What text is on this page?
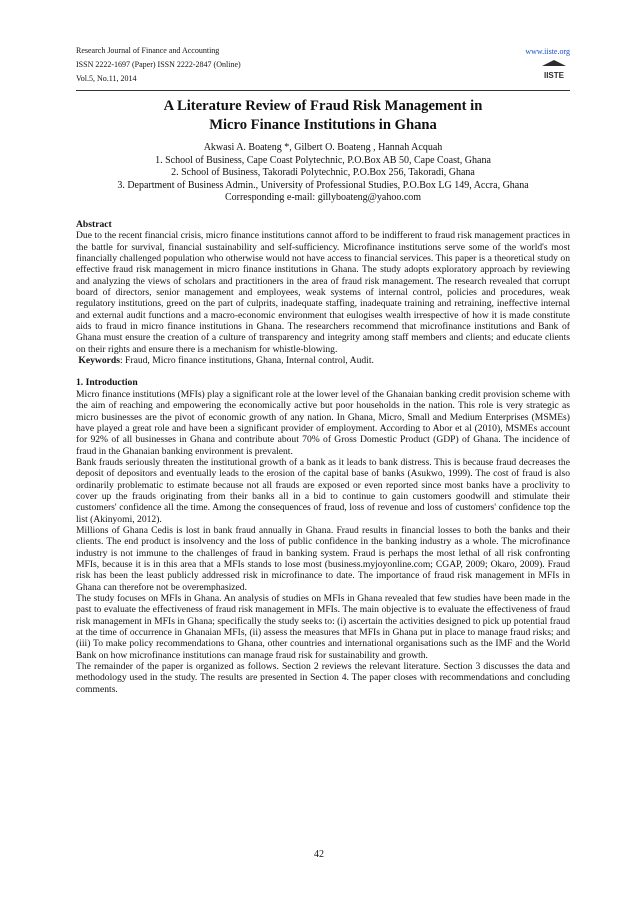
Research Journal of Finance and Accounting
ISSN 2222-1697 (Paper) ISSN 2222-2847 (Online)
Vol.5, No.11, 2014
www.iiste.org
IISTE
A Literature Review of Fraud Risk Management in
Micro Finance Institutions in Ghana
Akwasi A. Boateng *, Gilbert O. Boateng , Hannah Acquah
1. School of Business, Cape Coast Polytechnic, P.O.Box AB 50, Cape Coast, Ghana
2. School of Business, Takoradi Polytechnic, P.O.Box 256, Takoradi, Ghana
3. Department of Business Admin., University of Professional Studies, P.O.Box LG 149, Accra, Ghana
Corresponding e-mail: gillyboateng@yahoo.com
Abstract

Due to the recent financial crisis, micro finance institutions cannot afford to be indifferent to fraud risk management practices in the battle for survival, financial sustainability and self-sufficiency. Microfinance institutions serve some of the world's most financially challenged population who otherwise would not have access to financial services. This paper is a theoretical study on effective fraud risk management in micro finance institutions in Ghana. The study adopts exploratory approach by reviewing and analyzing the views of scholars and practitioners in the area of fraud risk management. The research revealed that corrupt board of directors, senior management and employees, weak systems of internal control, policies and procedures, weak regulatory institutions, greed on the part of culprits, inadequate staffing, inadequate training and retraining, ineffective internal and external audit functions and a macro-economic environment that eulogises wealth irrespective of how it is made constitute aids to fraud in micro finance institutions in Ghana. The researchers recommend that microfinance institutions and Bank of Ghana must ensure the creation of a culture of transparency and integrity among staff members and clients; and educate clients on their rights and ensure there is a mechanism for whistle-blowing.

Keywords: Fraud, Micro finance institutions, Ghana, Internal control, Audit.

1. Introduction

Micro finance institutions (MFIs) play a significant role at the lower level of the Ghanaian banking credit provision scheme with the aim of reaching and empowering the economically active but poor households in the nation. This role is very strategic as micro businesses are the pivot of economic growth of any nation. In Ghana, Micro, Small and Medium Enterprises (MSMEs) have played a great role and have been a significant provider of employment. According to Abor et al (2010), MSMEs account for 92% of all businesses in Ghana and contribute about 70% of Gross Domestic Product (GDP) of Ghana. The incidence of fraud in the Ghanaian banking environment is prevalent.

Bank frauds seriously threaten the institutional growth of a bank as it leads to bank distress. This is because fraud decreases the deposit of depositors and eventually leads to the erosion of the capital base of banks (Asukwo, 1999). The cost of fraud is also ordinarily problematic to estimate because not all frauds are exposed or even reported since most banks have a proclivity to cover up the frauds originating from their banks all in a bid to continue to gain customers goodwill and stimulate their customers' confidence all the time. Among the consequences of fraud, loss of revenue and loss of customers' confidence top the list (Akinyomi, 2012).

Millions of Ghana Cedis is lost in bank fraud annually in Ghana. Fraud results in financial losses to both the banks and their clients. The end product is insolvency and the loss of public confidence in the banking industry as a whole. The microfinance industry is not immune to the challenges of fraud in banking system. Fraud is perhaps the most lethal of all risk confronting MFIs, because it is in this area that a MFIs stands to lose most (business.myjoyonline.com; CGAP, 2009; Okaro, 2009). Fraud risk has been the least publicly addressed risk in microfinance to date. The importance of fraud risk management in MFIs in Ghana can therefore not be overemphasized.

The study focuses on MFIs in Ghana. An analysis of studies on MFIs in Ghana revealed that few studies have been made in the past to evaluate the effectiveness of fraud risk management in MFIs. The main objective is to evaluate the effectiveness of fraud risk management in MFIs in Ghana; specifically the study seeks to: (i) ascertain the activities designed to pick up potential fraud at the time of occurrence in Ghanaian MFIs, (ii) assess the measures that MFIs in Ghana put in place to manage fraud risks; and (iii) To make policy recommendations to Ghana, other countries and international organisations such as the IMF and the World Bank on how microfinance institutions can manage fraud risk for sustainability and growth.

The remainder of the paper is organized as follows. Section 2 reviews the relevant literature. Section 3 discusses the data and methodology used in the study. The results are presented in Section 4. The paper closes with recommendations and concluding comments.

42
